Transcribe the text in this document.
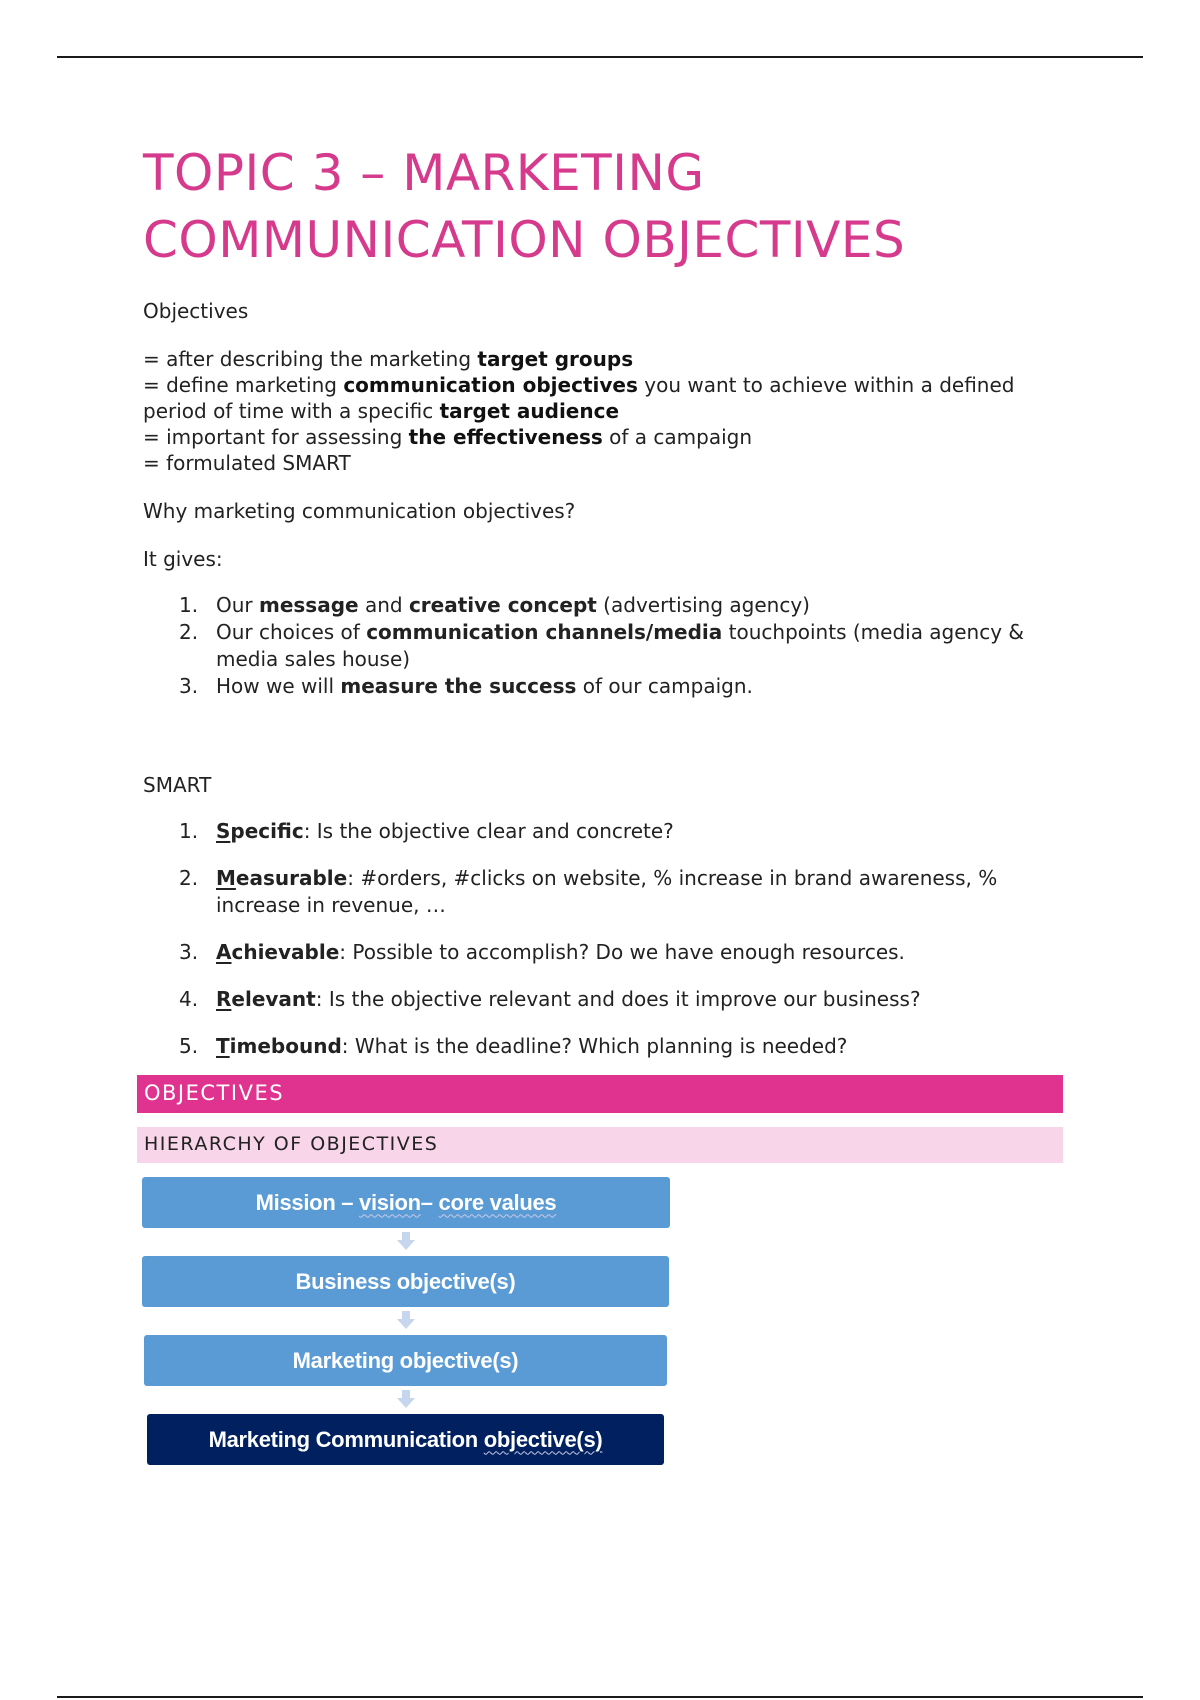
TOPIC 3 – MARKETING
COMMUNICATION OBJECTIVES

Objectives

= after describing the marketing target groups
= define marketing communication objectives you want to achieve within a defined period of time with a specific target audience
= important for assessing the effectiveness of a campaign
= formulated SMART

Why marketing communication objectives?

It gives:

1. Our message and creative concept (advertising agency)
2. Our choices of communication channels/media touchpoints (media agency & media sales house)
3. How we will measure the success of our campaign.

SMART

1. Specific: Is the objective clear and concrete?
2. Measurable: #orders, #clicks on website, % increase in brand awareness, % increase in revenue, …
3. Achievable: Possible to accomplish? Do we have enough resources.
4. Relevant: Is the objective relevant and does it improve our business?
5. Timebound: What is the deadline? Which planning is needed?
OBJECTIVES
HIERARCHY OF OBJECTIVES
Mission –
vision –
core values
Business objective(s)
Marketing objective(s)
Marketing Communication
objective(s)
